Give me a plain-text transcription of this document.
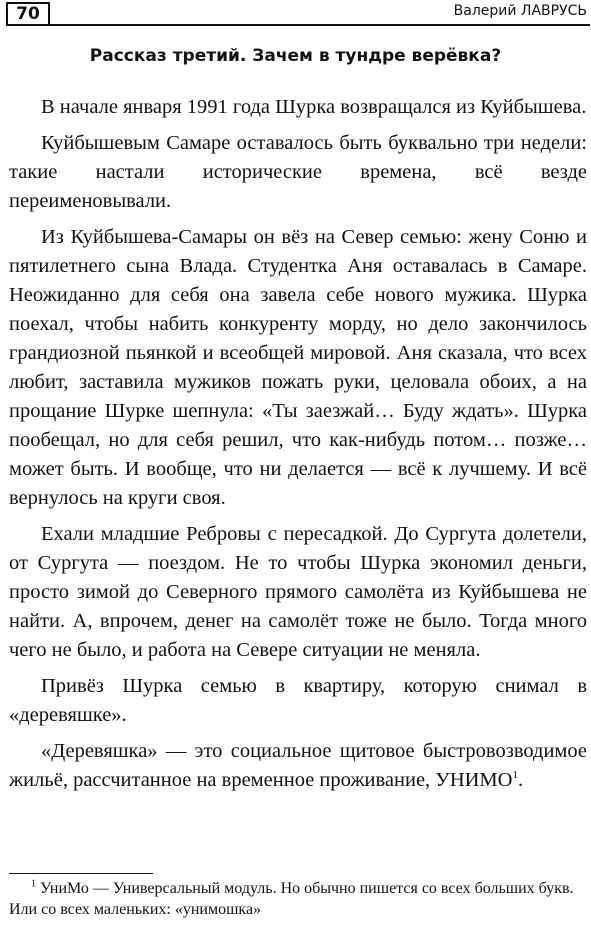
70	Валерий ЛАВРУСЬ
Рассказ третий. Зачем в тундре верёвка?

В начале января 1991 года Шурка возвращался из Куйбышева.

Куйбышевым Самаре оставалось быть буквально три недели: такие настали исторические времена, всё везде переименовывали.

Из Куйбышева-Самары он вёз на Север семью: жену Соню и пятилетнего сына Влада. Студентка Аня оставалась в Самаре. Неожиданно для себя она завела себе нового мужика. Шурка поехал, чтобы набить конкуренту морду, но дело закончилось грандиозной пьянкой и всеобщей мировой. Аня сказала, что всех любит, заставила мужиков пожать руки, целовала обоих, а на прощание Шурке шепнула: «Ты заезжай… Буду ждать». Шурка пообещал, но для себя решил, что как-нибудь потом… позже… может быть. И вообще, что ни делается — всё к лучшему. И всё вернулось на круги своя.

Ехали младшие Ребровы с пересадкой. До Сургута долетели, от Сургута — поездом. Не то чтобы Шурка экономил деньги, просто зимой до Северного прямого самолёта из Куйбышева не найти. А, впрочем, денег на самолёт тоже не было. Тогда много чего не было, и работа на Севере ситуации не меняла.

Привёз Шурка семью в квартиру, которую снимал в «деревяшке».

«Деревяшка» — это социальное щитовое быстровозводимое жильё, рассчитанное на временное проживание, УНИМО$^1$.

$^1$ УниМо — Универсальный модуль. Но обычно пишется со всех больших букв. Или со всех маленьких: «унимошка»
